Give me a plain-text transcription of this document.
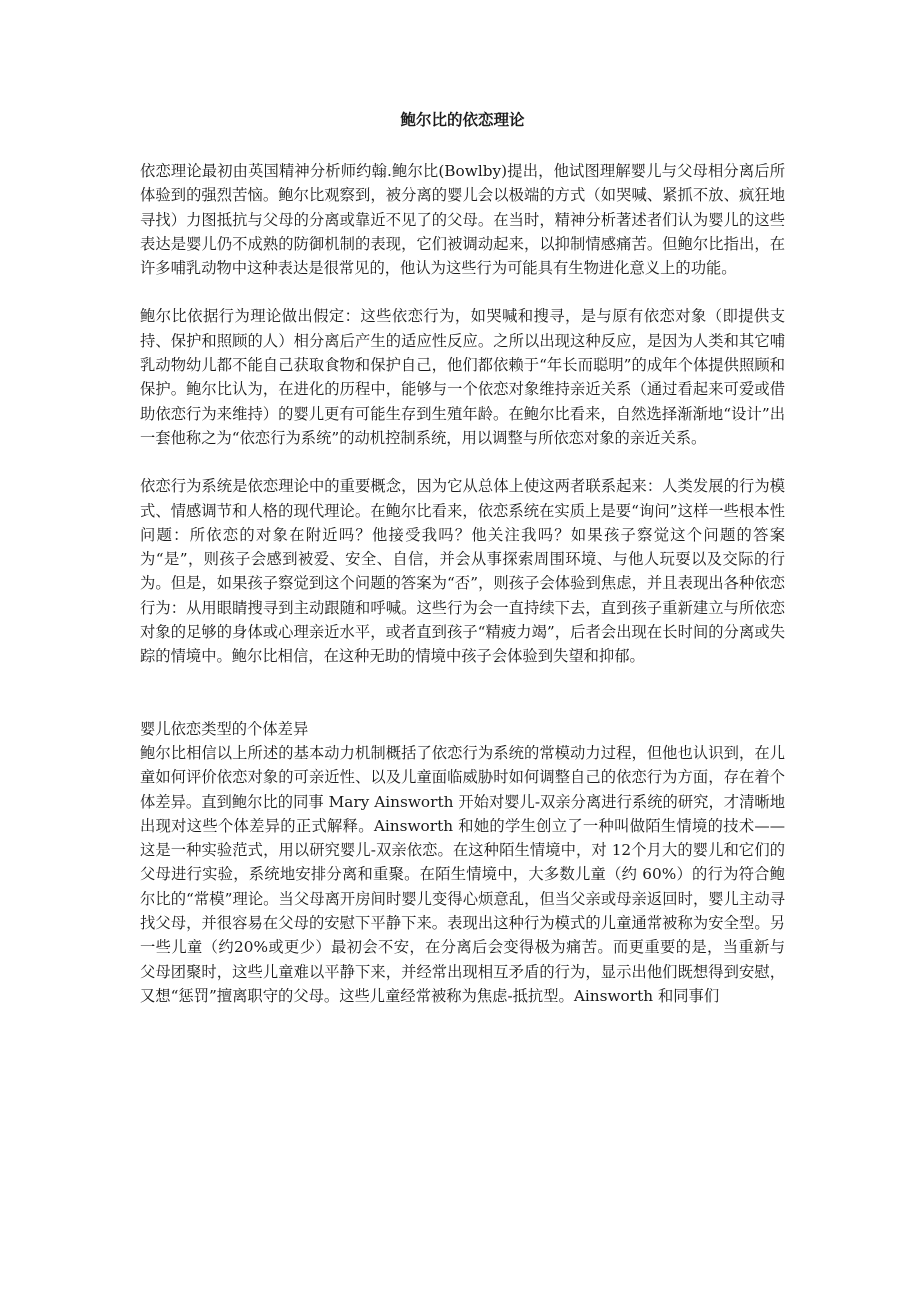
鲍尔比的依恋理论

依恋理论最初由英国精神分析师约翰.鲍尔比(Bowlby)提出，他试图理解婴儿与父母相分离后所体验到的强烈苦恼。鲍尔比观察到，被分离的婴儿会以极端的方式（如哭喊、紧抓不放、疯狂地寻找）力图抵抗与父母的分离或靠近不见了的父母。在当时，精神分析著述者们认为婴儿的这些表达是婴儿仍不成熟的防御机制的表现，它们被调动起来，以抑制情感痛苦。但鲍尔比指出，在许多哺乳动物中这种表达是很常见的，他认为这些行为可能具有生物进化意义上的功能。

鲍尔比依据行为理论做出假定：这些依恋行为，如哭喊和搜寻，是与原有依恋对象（即提供支持、保护和照顾的人）相分离后产生的适应性反应。之所以出现这种反应，是因为人类和其它哺乳动物幼儿都不能自己获取食物和保护自己，他们都依赖于“年长而聪明”的成年个体提供照顾和保护。鲍尔比认为，在进化的历程中，能够与一个依恋对象维持亲近关系（通过看起来可爱或借助依恋行为来维持）的婴儿更有可能生存到生殖年龄。在鲍尔比看来，自然选择渐渐地“设计”出一套他称之为“依恋行为系统”的动机控制系统，用以调整与所依恋对象的亲近关系。

依恋行为系统是依恋理论中的重要概念，因为它从总体上使这两者联系起来：人类发展的行为模式、情感调节和人格的现代理论。在鲍尔比看来，依恋系统在实质上是要“询问”这样一些根本性问题：所依恋的对象在附近吗？他接受我吗？他关注我吗？如果孩子察觉这个问题的答案为“是”，则孩子会感到被爱、安全、自信，并会从事探索周围环境、与他人玩耍以及交际的行为。但是，如果孩子察觉到这个问题的答案为“否”，则孩子会体验到焦虑，并且表现出各种依恋行为：从用眼睛搜寻到主动跟随和呼喊。这些行为会一直持续下去，直到孩子重新建立与所依恋对象的足够的身体或心理亲近水平，或者直到孩子“精疲力竭”，后者会出现在长时间的分离或失踪的情境中。鲍尔比相信，在这种无助的情境中孩子会体验到失望和抑郁。

婴儿依恋类型的个体差异

鲍尔比相信以上所述的基本动力机制概括了依恋行为系统的常模动力过程，但他也认识到，在儿童如何评价依恋对象的可亲近性、以及儿童面临威胁时如何调整自己的依恋行为方面，存在着个体差异。直到鲍尔比的同事 Mary Ainsworth 开始对婴儿-双亲分离进行系统的研究，才清晰地出现对这些个体差异的正式解释。Ainsworth 和她的学生创立了一种叫做陌生情境的技术——这是一种实验范式，用以研究婴儿-双亲依恋。在这种陌生情境中，对 12个月大的婴儿和它们的父母进行实验，系统地安排分离和重聚。在陌生情境中，大多数儿童（约 60%）的行为符合鲍尔比的“常模”理论。当父母离开房间时婴儿变得心烦意乱，但当父亲或母亲返回时，婴儿主动寻找父母，并很容易在父母的安慰下平静下来。表现出这种行为模式的儿童通常被称为安全型。另一些儿童（约20%或更少）最初会不安，在分离后会变得极为痛苦。而更重要的是，当重新与父母团聚时，这些儿童难以平静下来，并经常出现相互矛盾的行为，显示出他们既想得到安慰，又想“惩罚”擅离职守的父母。这些儿童经常被称为焦虑-抵抗型。Ainsworth 和同事们
